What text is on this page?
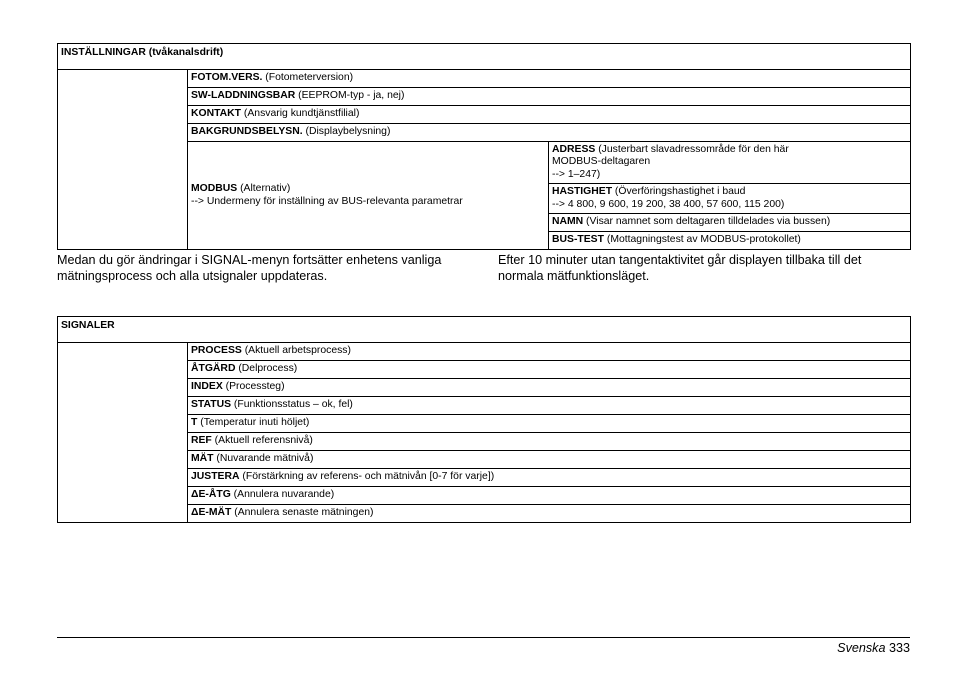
INSTÄLLNINGAR (tvåkanalsdrift)		
	FOTOM.VERS. (Fotometerversion)	
	SW-LADDNINGSBAR (EEPROM-typ - ja, nej)	
	KONTAKT (Ansvarig kundtjänstfilial)	
	BAKGRUNDSBELYSN. (Displaybelysning)	
	MODBUS (Alternativ)
--> Undermeny för inställning av BUS-relevanta parametrar	ADRESS (Justerbart slavadressområde för den här
MODBUS-deltagaren
--> 1–247)
		HASTIGHET (Överföringshastighet i baud
--> 4 800, 9 600, 19 200, 38 400, 57 600, 115 200)
		NAMN (Visar namnet som deltagaren tilldelades via bussen)
		BUS-TEST (Mottagningstest av MODBUS-protokollet)
Medan du gör ändringar i SIGNAL-menyn fortsätter enhetens vanliga mätningsprocess och alla utsignaler uppdateras.
Efter 10 minuter utan tangentaktivitet går displayen tillbaka till det normala mätfunktionsläget.
SIGNALER
	PROCESS (Aktuell arbetsprocess)
ÅTGÄRD (Delprocess)
INDEX (Processteg)
STATUS (Funktionsstatus – ok, fel)
T (Temperatur inuti höljet)
REF (Aktuell referensnivå)
MÄT (Nuvarande mätnivå)
JUSTERA (Förstärkning av referens- och mätnivån [0-7 för varje])
ΔE-ÅTG (Annulera nuvarande)
ΔE-MÄT (Annulera senaste mätningen)
Svenska 333
